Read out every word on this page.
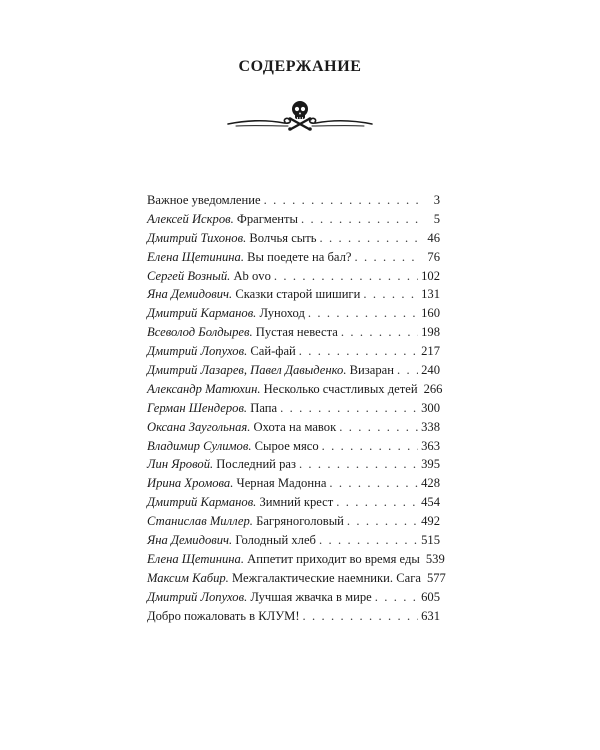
СОДЕРЖАНИЕ
Важное уведомление . . .	3
Алексей Искров. Фрагменты . . .	5
Дмитрий Тихонов. Волчья сыть . . .	46
Елена Щетинина. Вы поедете на бал? . . .	76
Сергей Возный. Ab ovo . . .	102
Яна Демидович. Сказки старой шишиги . . .	131
Дмитрий Карманов. Луноход . . .	160
Всеволод Болдырев. Пустая невеста . . .	198
Дмитрий Лопухов. Сай-фай . . .	217
Дмитрий Лазарев, Павел Давыденко. Визаран . . . 240
Александр Матюхин. Несколько счастливых детей 266
Герман Шендеров. Папа . . .	300
Оксана Заугольная. Охота на мавок . . .	338
Владимир Сулимов. Сырое мясо . . .	363
Лин Яровой. Последний раз . . .	395
Ирина Хромова. Черная Мадонна . . .	428
Дмитрий Карманов. Зимний крест . . .	454
Станислав Миллер. Багряноголовый . . .	492
Яна Демидович. Голодный хлеб . . .	515
Елена Щетинина. Аппетит приходит во время еды 539
Максим Кабир. Межгалактические наемники. Сага 577
Дмитрий Лопухов. Лучшая жвачка в мире . . .	605
Добро пожаловать в КЛУМ! . . .	631
